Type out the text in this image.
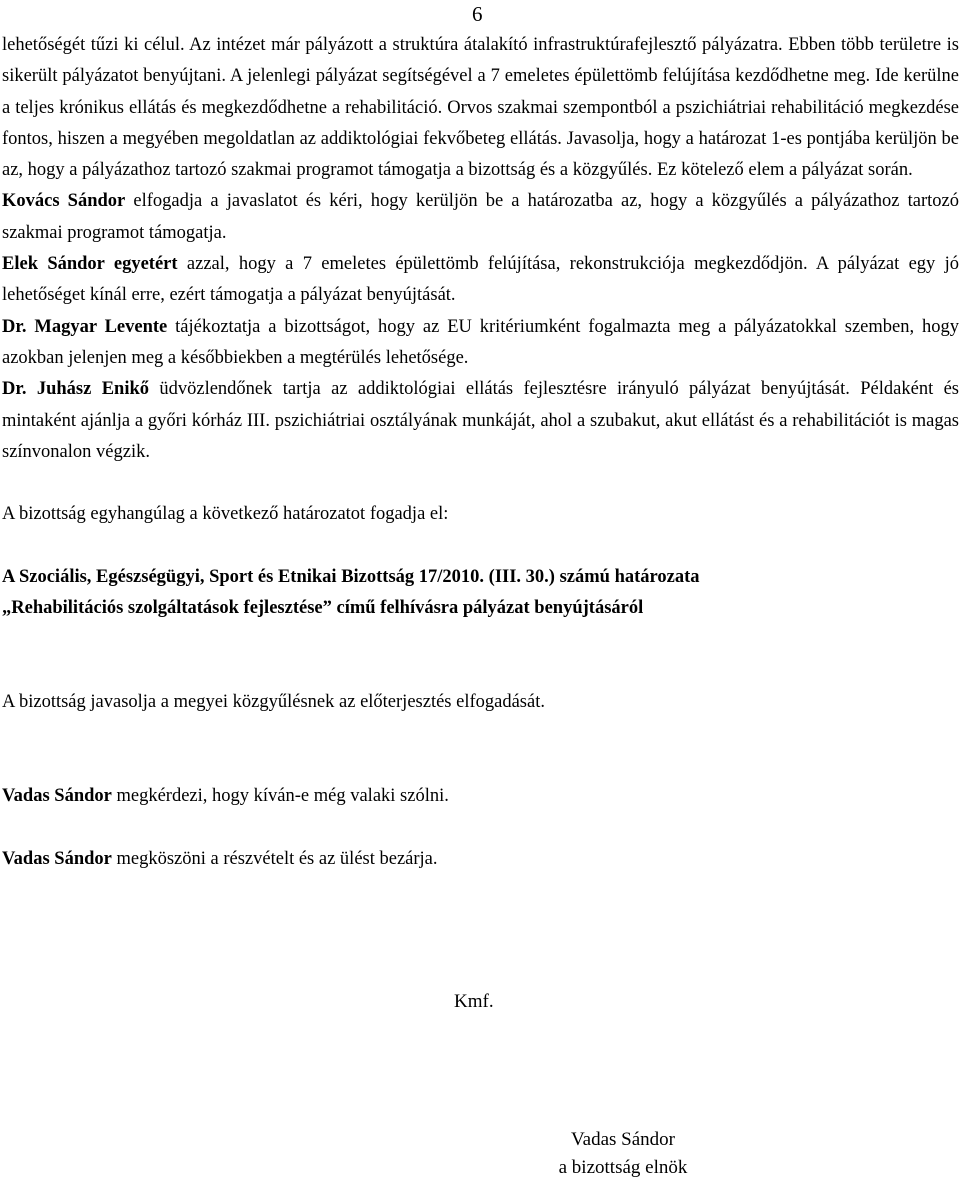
6

lehetőségét tűzi ki célul. Az intézet már pályázott a struktúra átalakító infrastruktúrafejlesztő pályázatra. Ebben több területre is sikerült pályázatot benyújtani. A jelenlegi pályázat segítségével a 7 emeletes épülettömb felújítása kezdődhetne meg. Ide kerülne a teljes krónikus ellátás és megkezdődhetne a rehabilitáció. Orvos szakmai szempontból a pszichiátriai rehabilitáció megkezdése fontos, hiszen a megyében megoldatlan az addiktológiai fekvőbeteg ellátás. Javasolja, hogy a határozat 1-es pontjába kerüljön be az, hogy a pályázathoz tartozó szakmai programot támogatja a bizottság és a közgyűlés. Ez kötelező elem a pályázat során.

Kovács Sándor elfogadja a javaslatot és kéri, hogy kerüljön be a határozatba az, hogy a közgyűlés a pályázathoz tartozó szakmai programot támogatja.

Elek Sándor egyetért azzal, hogy a 7 emeletes épülettömb felújítása, rekonstrukciója megkezdődjön. A pályázat egy jó lehetőséget kínál erre, ezért támogatja a pályázat benyújtását.

Dr. Magyar Levente tájékoztatja a bizottságot, hogy az EU kritériumként fogalmazta meg a pályázatokkal szemben, hogy azokban jelenjen meg a későbbiekben a megtérülés lehetősége.

Dr. Juhász Enikő üdvözlendőnek tartja az addiktológiai ellátás fejlesztésre irányuló pályázat benyújtását. Példaként és mintaként ajánlja a győri kórház III. pszichiátriai osztályának munkáját, ahol a szubakut, akut ellátást és a rehabilitációt is magas színvonalon végzik.

A bizottság egyhangúlag a következő határozatot fogadja el:

A Szociális, Egészségügyi, Sport és Etnikai Bizottság 17/2010. (III. 30.) számú határozata

„Rehabilitációs szolgáltatások fejlesztése” című felhívásra pályázat benyújtásáról

A bizottság javasolja a megyei közgyűlésnek az előterjesztés elfogadását.

Vadas Sándor megkérdezi, hogy kíván-e még valaki szólni.

Vadas Sándor megköszöni a részvételt és az ülést bezárja.

Kmf.
Vadas Sándor
a bizottság elnök
